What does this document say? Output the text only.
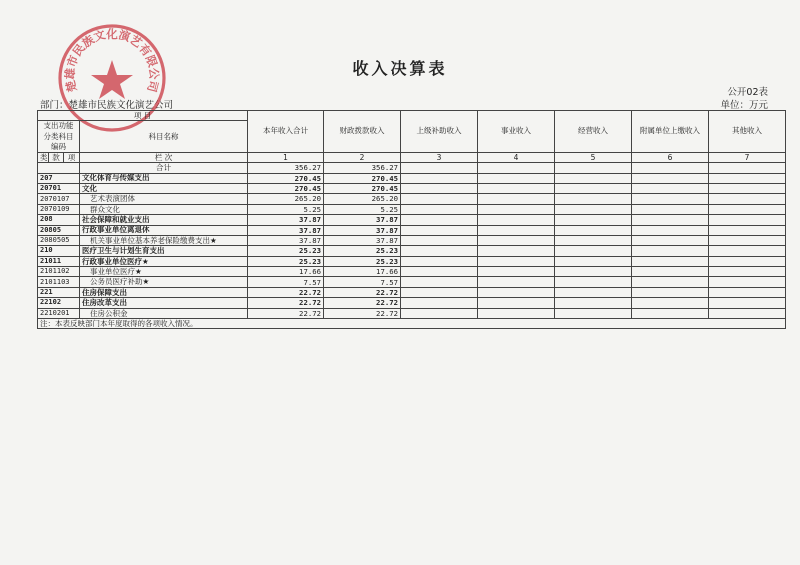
收入决算表
公开02表
部门：楚雄市民族文化演艺公司	单位：万元
楚雄市民族文化演艺有限公司
项 目				本年收入合计	财政拨款收入	上级补助收入	事业收入	经营收入	附属单位上缴收入	其他收入
支出功能分类科目编码			科目名称							

类	款	项	栏 次	1	2	3	4	5	6	7
			合计	356.27	356.27					
207			文化体育与传媒支出	270.45	270.45					
20701			文化	270.45	270.45					
2070107			艺术表演团体	265.20	265.20					
2070109			群众文化	5.25	5.25					
208			社会保障和就业支出	37.87	37.87					
20805			行政事业单位离退休	37.87	37.87					
2080505			机关事业单位基本养老保险缴费支出★	37.87	37.87					
210			医疗卫生与计划生育支出	25.23	25.23					
21011			行政事业单位医疗★	25.23	25.23					
2101102			事业单位医疗★	17.66	17.66					
2101103			公务员医疗补助★	7.57	7.57					
221			住房保障支出	22.72	22.72					
22102			住房改革支出	22.72	22.72					
2210201			住房公积金	22.72	22.72					
注：本表反映部门本年度取得的各项收入情况。										
